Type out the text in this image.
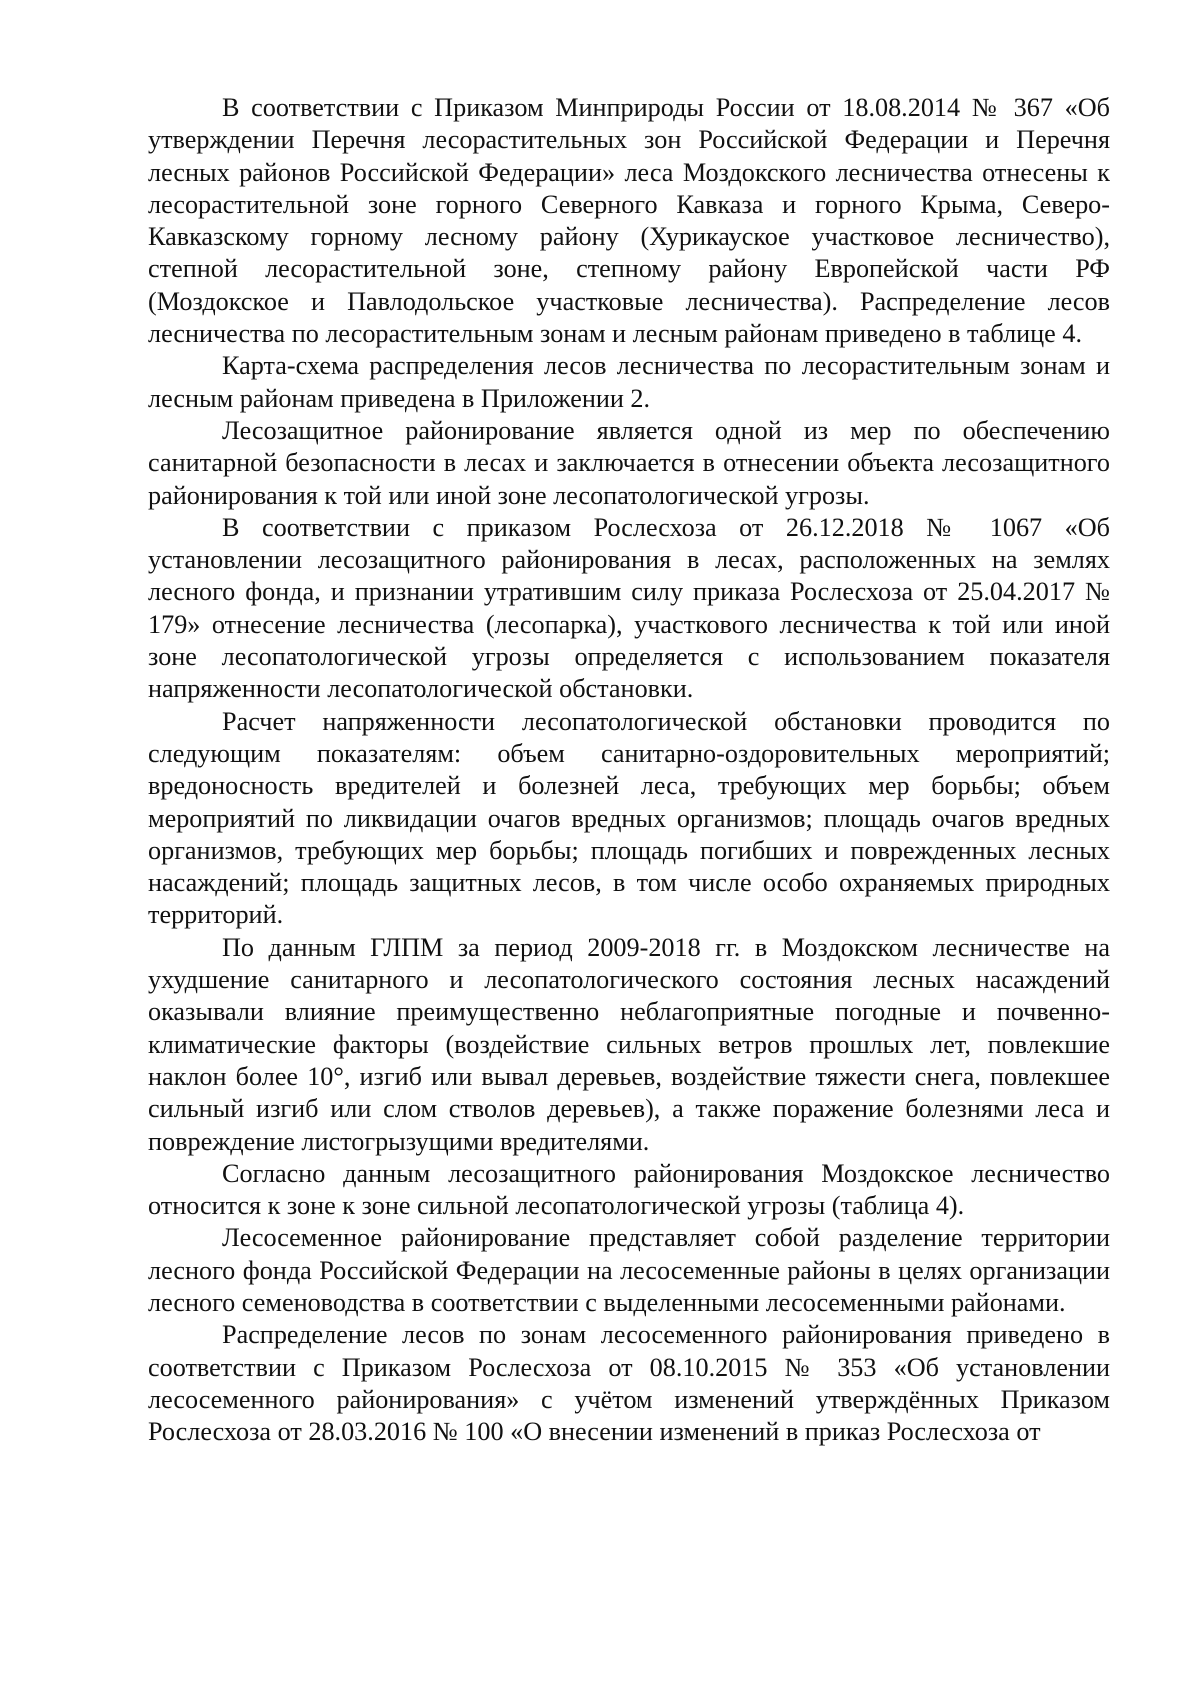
В соответствии с Приказом Минприроды России от 18.08.2014 № 367 «Об утверждении Перечня лесорастительных зон Российской Федерации и Перечня лесных районов Российской Федерации» леса Моздокского лесничества отнесены к лесорастительной зоне горного Северного Кавказа и горного Крыма, Северо-Кавказскому горному лесному району (Хурикауское участковое лесничество), степной лесорастительной зоне, степному району Европейской части РФ (Моздокское и Павлодольское участковые лесничества). Распределение лесов лесничества по лесорастительным зонам и лесным районам приведено в таблице 4.

Карта-схема распределения лесов лесничества по лесорастительным зонам и лесным районам приведена в Приложении 2.

Лесозащитное районирование является одной из мер по обеспечению санитарной безопасности в лесах и заключается в отнесении объекта лесозащитного районирования к той или иной зоне лесопатологической угрозы.

В соответствии с приказом Рослесхоза от 26.12.2018 № 1067 «Об установлении лесозащитного районирования в лесах, расположенных на землях лесного фонда, и признании утратившим силу приказа Рослесхоза от 25.04.2017 № 179» отнесение лесничества (лесопарка), участкового лесничества к той или иной зоне лесопатологической угрозы определяется с использованием показателя напряженности лесопатологической обстановки.

Расчет напряженности лесопатологической обстановки проводится по следующим показателям: объем санитарно-оздоровительных мероприятий; вредоносность вредителей и болезней леса, требующих мер борьбы; объем мероприятий по ликвидации очагов вредных организмов; площадь очагов вредных организмов, требующих мер борьбы; площадь погибших и поврежденных лесных насаждений; площадь защитных лесов, в том числе особо охраняемых природных территорий.

По данным ГЛПМ за период 2009-2018 гг. в Моздокском лесничестве на ухудшение санитарного и лесопатологического состояния лесных насаждений оказывали влияние преимущественно неблагоприятные погодные и почвенно-климатические факторы (воздействие сильных ветров прошлых лет, повлекшие наклон более 10°, изгиб или вывал деревьев, воздействие тяжести снега, повлекшее сильный изгиб или слом стволов деревьев), а также поражение болезнями леса и повреждение листогрызущими вредителями.

Согласно данным лесозащитного районирования Моздокское лесничество относится к зоне к зоне сильной лесопатологической угрозы (таблица 4).

Лесосеменное районирование представляет собой разделение территории лесного фонда Российской Федерации на лесосеменные районы в целях организации лесного семеноводства в соответствии с выделенными лесосеменными районами.

Распределение лесов по зонам лесосеменного районирования приведено в соответствии с Приказом Рослесхоза от 08.10.2015 № 353 «Об установлении лесосеменного районирования» с учётом изменений утверждённых Приказом Рослесхоза от 28.03.2016 № 100 «О внесении изменений в приказ Рослесхоза от
